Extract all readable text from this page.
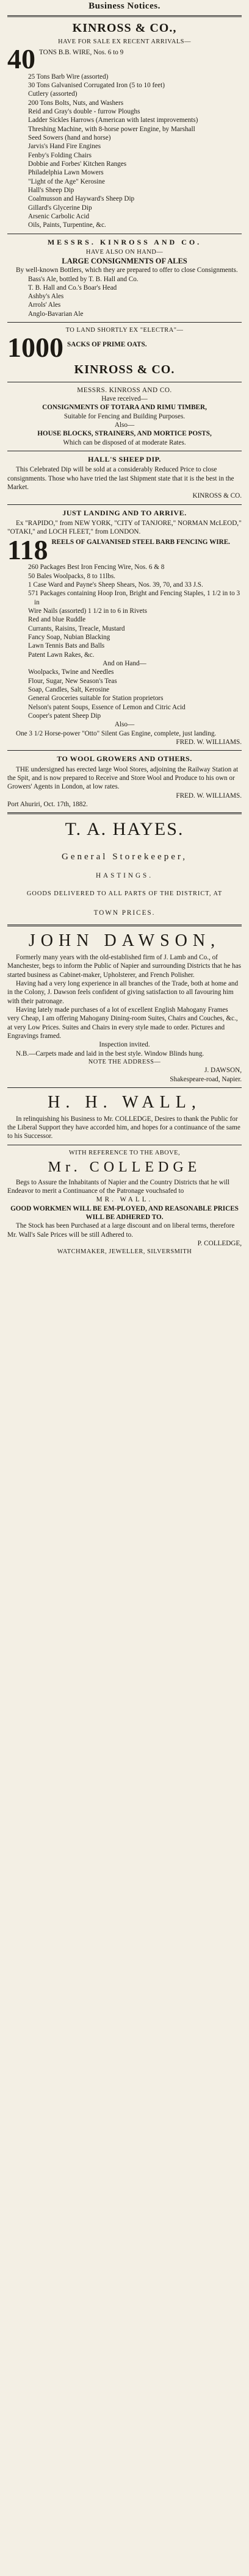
Business Notices.
KINROSS & CO.,

HAVE FOR SALE EX RECENT ARRIVALS—

40 TONS B.B. WIRE, Nos. 6 to 9

25 Tons Barb Wire (assorted)

30 Tons Galvanised Corrugated Iron (5 to 10 feet)

Cutlery (assorted)

200 Tons Bolts, Nuts, and Washers

Reid and Gray's double - furrow Ploughs

Ladder Sickles Harrows (American with latest improvements)

Threshing Machine, with 8-horse power Engine, by Marshall

Seed Sowers (hand and horse)

Jarvis's Hand Fire Engines

Fenby's Folding Chairs

Dobbie and Forbes' Kitchen Ranges

Philadelphia Lawn Mowers

"Light of the Age" Kerosine

Hall's Sheep Dip

Coalmusson and Hayward's Sheep Dip

Gillard's Glycerine Dip

Arsenic Carbolic Acid

Oils, Paints, Turpentine, &c.

MESSRS. KINROSS AND CO.

HAVE ALSO ON HAND—

LARGE CONSIGNMENTS OF ALES

By well-known Bottlers, which they are prepared to offer to close Consignments.

Bass's Ale, bottled by T. B. Hall and Co.

T. B. Hall and Co.'s Boar's Head

Ashby's Ales

Arrols' Ales

Anglo-Bavarian Ale

TO LAND SHORTLY EX "ELECTRA"—

1000 SACKS OF PRIME OATS.
KINROSS & CO.

MESSRS. KINROSS AND CO.

Have received—

CONSIGNMENTS OF TOTARA AND RIMU TIMBER,

Suitable for Fencing and Building Purposes.

Also—

HOUSE BLOCKS, STRAINERS, AND MORTICE POSTS,

Which can be disposed of at moderate Rates.

HALL'S SHEEP DIP.

This Celebrated Dip will be sold at a considerably Reduced Price to close consignments. Those who have tried the last Shipment state that it is the best in the Market.

KINROSS & CO.

JUST LANDING AND TO ARRIVE.

Ex "RAPIDO," from NEW YORK, "CITY of TANJORE," NORMAN McLEOD," "OTAKI," and LOCH FLEET," from LONDON.

118 REELS OF GALVANISED STEEL BARB FENCING WIRE.

260 Packages Best Iron Fencing Wire, Nos. 6 & 8

50 Bales Woolpacks, 8 to 11lbs.

1 Case Ward and Payne's Sheep Shears, Nos. 39, 70, and 33 J.S.

571 Packages containing Hoop Iron, Bright and Fencing Staples, 1 1/2 in to 3 in

Wire Nails (assorted) 1 1/2 in to 6 in Rivets

Red and blue Ruddle

Currants, Raisins, Treacle, Mustard

Fancy Soap, Nubian Blacking

Lawn Tennis Bats and Balls

Patent Lawn Rakes, &c.

And on Hand—

Woolpacks, Twine and Needles

Flour, Sugar, New Season's Teas

Soap, Candles, Salt, Kerosine

General Groceries suitable for Station proprietors

Nelson's patent Soups, Essence of Lemon and Citric Acid

Cooper's patent Sheep Dip

Also—

One 3 1/2 Horse-power "Otto" Silent Gas Engine, complete, just landing.

FRED. W. WILLIAMS.

TO WOOL GROWERS AND OTHERS.

THE undersigned has erected large Wool Stores, adjoining the Railway Station at the Spit, and is now prepared to Receive and Store Wool and Produce to his own or Growers' Agents in London, at low rates.

FRED. W. WILLIAMS.

Port Ahuriri, Oct. 17th, 1882.

T. A. HAYES.

General Storekeeper,

HASTINGS.

GOODS DELIVERED TO ALL PARTS OF THE DISTRICT, AT

TOWN PRICES.

JOHN DAWSON,

Formerly many years with the old-established firm of J. Lamb and Co., of Manchester, begs to inform the Public of Napier and surrounding Districts that he has started business as Cabinet-maker, Upholsterer, and French Polisher.

Having had a very long experience in all branches of the Trade, both at home and in the Colony, J. Dawson feels confident of giving satisfaction to all favouring him with their patronage.

Having lately made purchases of a lot of excellent English Mahogany Frames very Cheap, I am offering Mahogany Dining-room Suites, Chairs and Couches, &c., at very Low Prices. Suites and Chairs in every style made to order. Pictures and Engravings framed.

Inspection invited.

N.B.—Carpets made and laid in the best style. Window Blinds hung.

NOTE THE ADDRESS—

J. DAWSON,

Shakespeare-road, Napier.

H. H. WALL,

In relinquishing his Business to Mr. COLLEDGE, Desires to thank the Public for the Liberal Support they have accorded him, and hopes for a continuance of the same to his Successor.

WITH REFERENCE TO THE ABOVE,

Mr. COLLEDGE

Begs to Assure the Inhabitants of Napier and the Country Districts that he will Endeavor to merit a Continuance of the Patronage vouchsafed to

MR. WALL.

GOOD WORKMEN WILL BE EM-PLOYED, AND REASONABLE PRICES WILL BE ADHERED TO.

The Stock has been Purchased at a large discount and on liberal terms, therefore Mr. Wall's Sale Prices will be still Adhered to.

P. COLLEDGE,

WATCHMAKER, JEWELLER, SILVERSMITH
